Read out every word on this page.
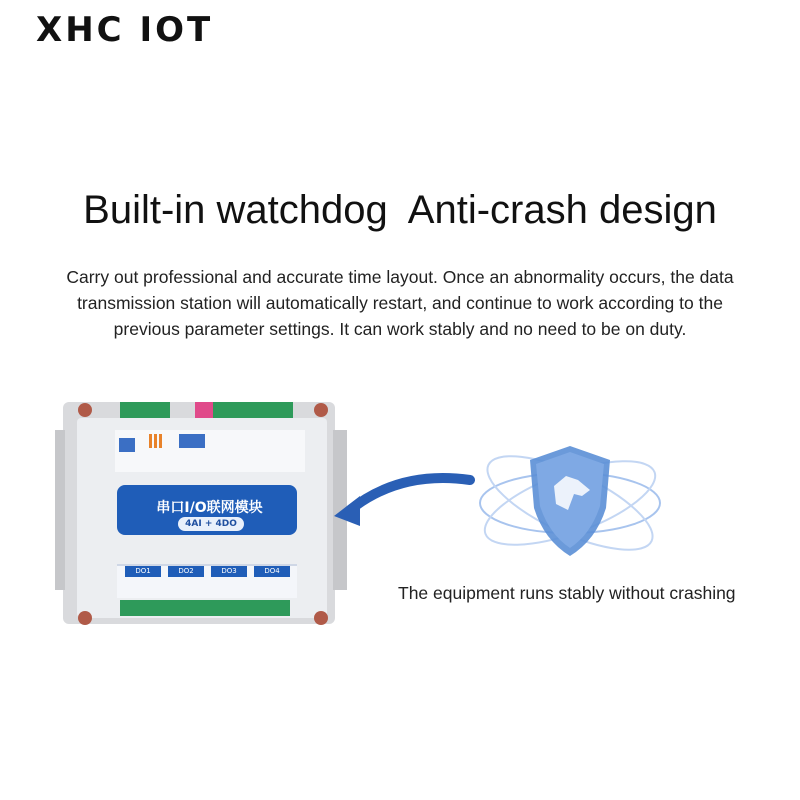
XHC IOT
Built-in watchdog  Anti-crash design
Carry out professional and accurate time layout. Once an abnormality occurs, the data
transmission station will automatically restart, and continue to work according to the
previous parameter settings. It can work stably and no need to be on duty.
串口I/O联网模块
4AI + 4DO
DO1	DO2	DO3	DO4
The equipment runs stably without crashing
